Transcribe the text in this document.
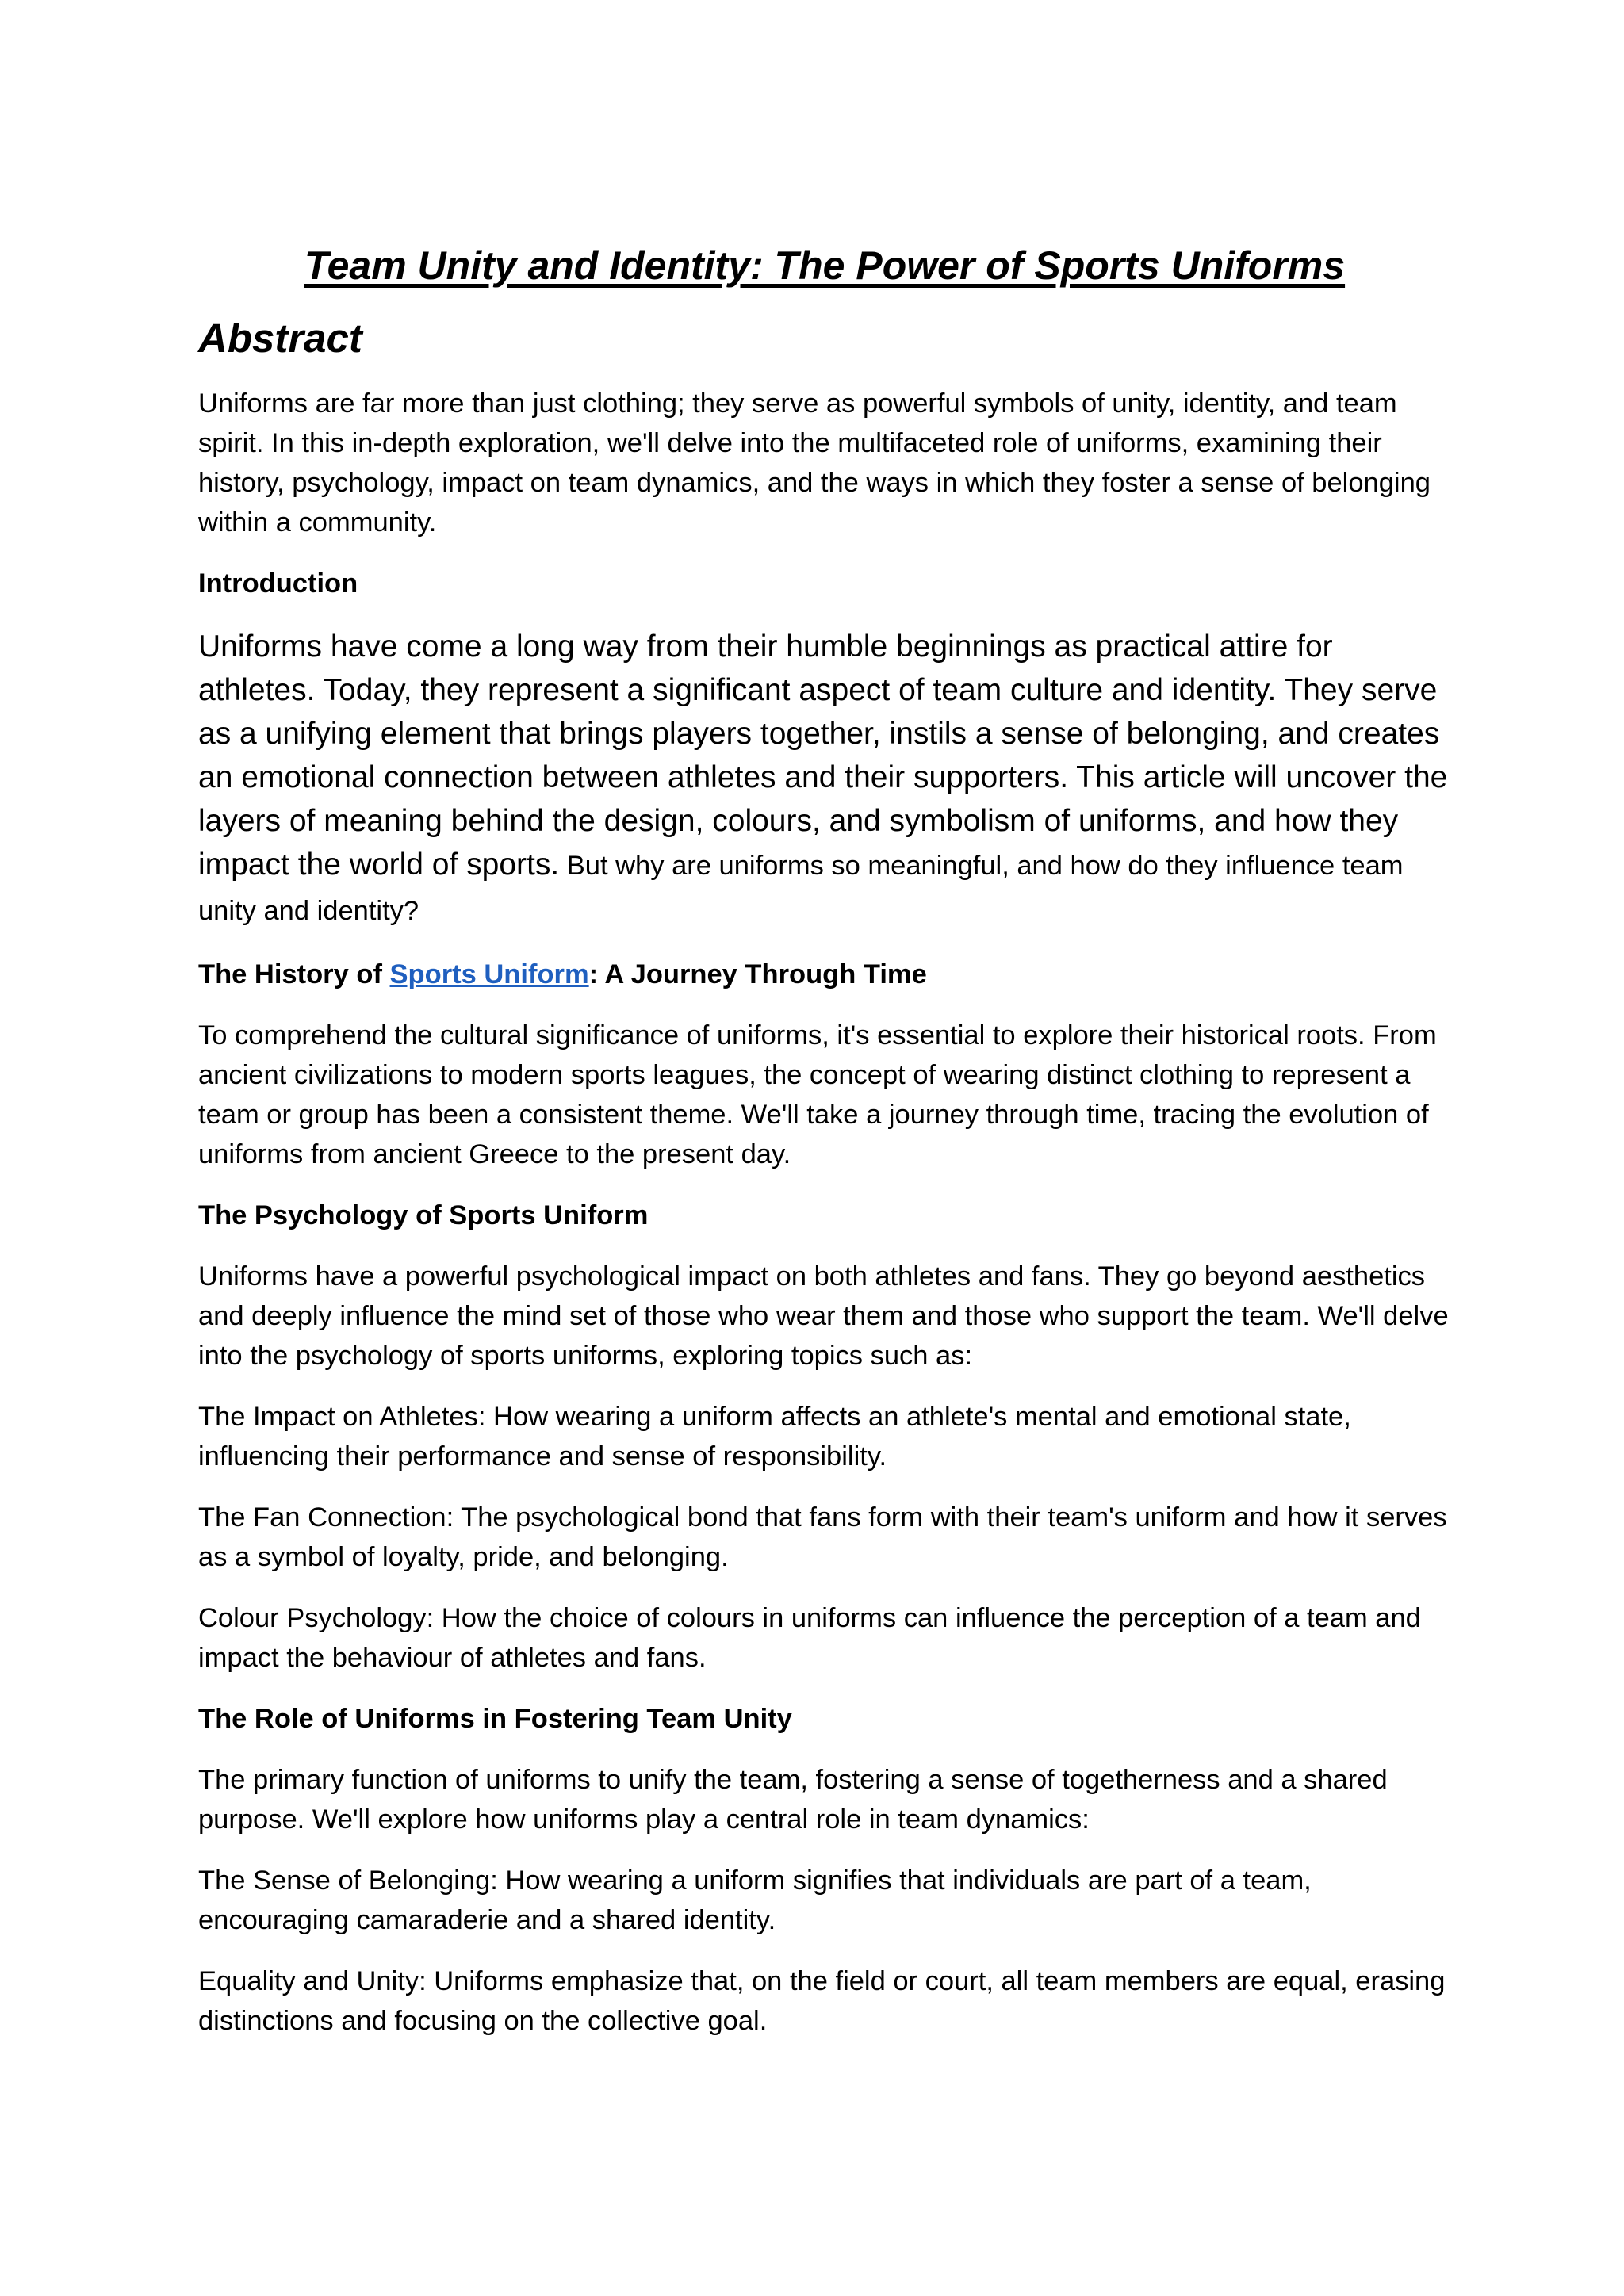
Team Unity and Identity: The Power of Sports Uniforms
Abstract

Uniforms are far more than just clothing; they serve as powerful symbols of unity, identity, and team spirit. In this in-depth exploration, we'll delve into the multifaceted role of uniforms, examining their history, psychology, impact on team dynamics, and the ways in which they foster a sense of belonging within a community.

Introduction

Uniforms have come a long way from their humble beginnings as practical attire for athletes. Today, they represent a significant aspect of team culture and identity. They serve as a unifying element that brings players together, instils a sense of belonging, and creates an emotional connection between athletes and their supporters. This article will uncover the layers of meaning behind the design, colours, and symbolism of uniforms, and how they impact the world of sports. But why are uniforms so meaningful, and how do they influence team unity and identity?

The History of Sports Uniform: A Journey Through Time

To comprehend the cultural significance of uniforms, it's essential to explore their historical roots. From ancient civilizations to modern sports leagues, the concept of wearing distinct clothing to represent a team or group has been a consistent theme. We'll take a journey through time, tracing the evolution of uniforms from ancient Greece to the present day.

The Psychology of Sports Uniform

Uniforms have a powerful psychological impact on both athletes and fans. They go beyond aesthetics and deeply influence the mind set of those who wear them and those who support the team. We'll delve into the psychology of sports uniforms, exploring topics such as:

The Impact on Athletes: How wearing a uniform affects an athlete's mental and emotional state, influencing their performance and sense of responsibility.

The Fan Connection: The psychological bond that fans form with their team's uniform and how it serves as a symbol of loyalty, pride, and belonging.

Colour Psychology: How the choice of colours in uniforms can influence the perception of a team and impact the behaviour of athletes and fans.

The Role of Uniforms in Fostering Team Unity

The primary function of uniforms to unify the team, fostering a sense of togetherness and a shared purpose. We'll explore how uniforms play a central role in team dynamics:

The Sense of Belonging: How wearing a uniform signifies that individuals are part of a team, encouraging camaraderie and a shared identity.

Equality and Unity: Uniforms emphasize that, on the field or court, all team members are equal, erasing distinctions and focusing on the collective goal.
